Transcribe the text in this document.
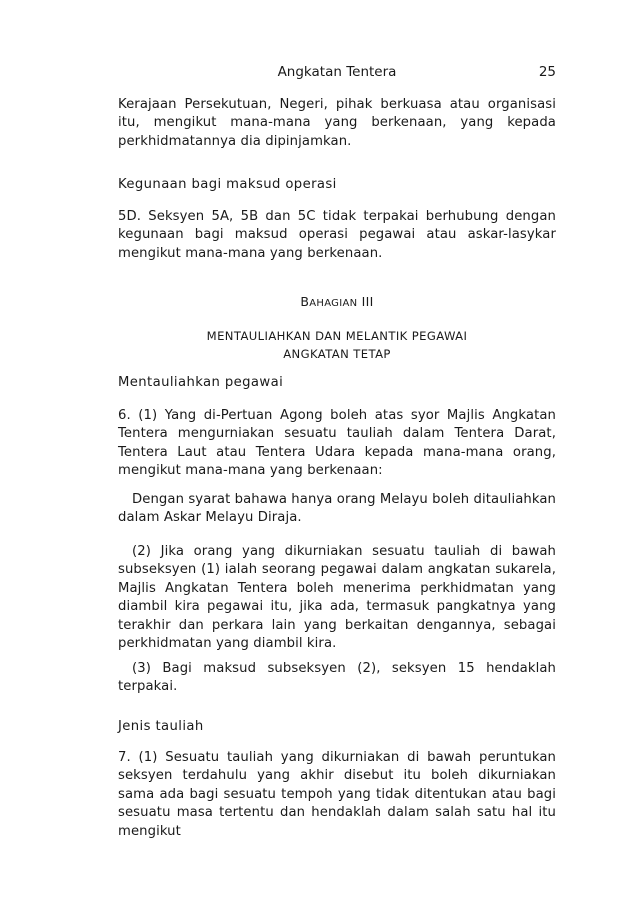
Angkatan Tentera	25

Kerajaan Persekutuan, Negeri, pihak berkuasa atau organisasi itu, mengikut mana-mana yang berkenaan, yang kepada perkhidmatannya dia dipinjamkan.

Kegunaan bagi maksud operasi

5D. Seksyen 5A, 5B dan 5C tidak terpakai berhubung dengan kegunaan bagi maksud operasi pegawai atau askar-lasykar mengikut mana-mana yang berkenaan.

BAHAGIAN III

MENTAULIAHKAN DAN MELANTIK PEGAWAI

ANGKATAN TETAP

Mentauliahkan pegawai

6. (1) Yang di-Pertuan Agong boleh atas syor Majlis Angkatan Tentera mengurniakan sesuatu tauliah dalam Tentera Darat, Tentera Laut atau Tentera Udara kepada mana-mana orang, mengikut mana-mana yang berkenaan:

Dengan syarat bahawa hanya orang Melayu boleh ditauliahkan dalam Askar Melayu Diraja.

(2) Jika orang yang dikurniakan sesuatu tauliah di bawah subseksyen (1) ialah seorang pegawai dalam angkatan sukarela, Majlis Angkatan Tentera boleh menerima perkhidmatan yang diambil kira pegawai itu, jika ada, termasuk pangkatnya yang terakhir dan perkara lain yang berkaitan dengannya, sebagai perkhidmatan yang diambil kira.

(3) Bagi maksud subseksyen (2), seksyen 15 hendaklah terpakai.

Jenis tauliah

7. (1) Sesuatu tauliah yang dikurniakan di bawah peruntukan seksyen terdahulu yang akhir disebut itu boleh dikurniakan sama ada bagi sesuatu tempoh yang tidak ditentukan atau bagi sesuatu masa tertentu dan hendaklah dalam salah satu hal itu mengikut
